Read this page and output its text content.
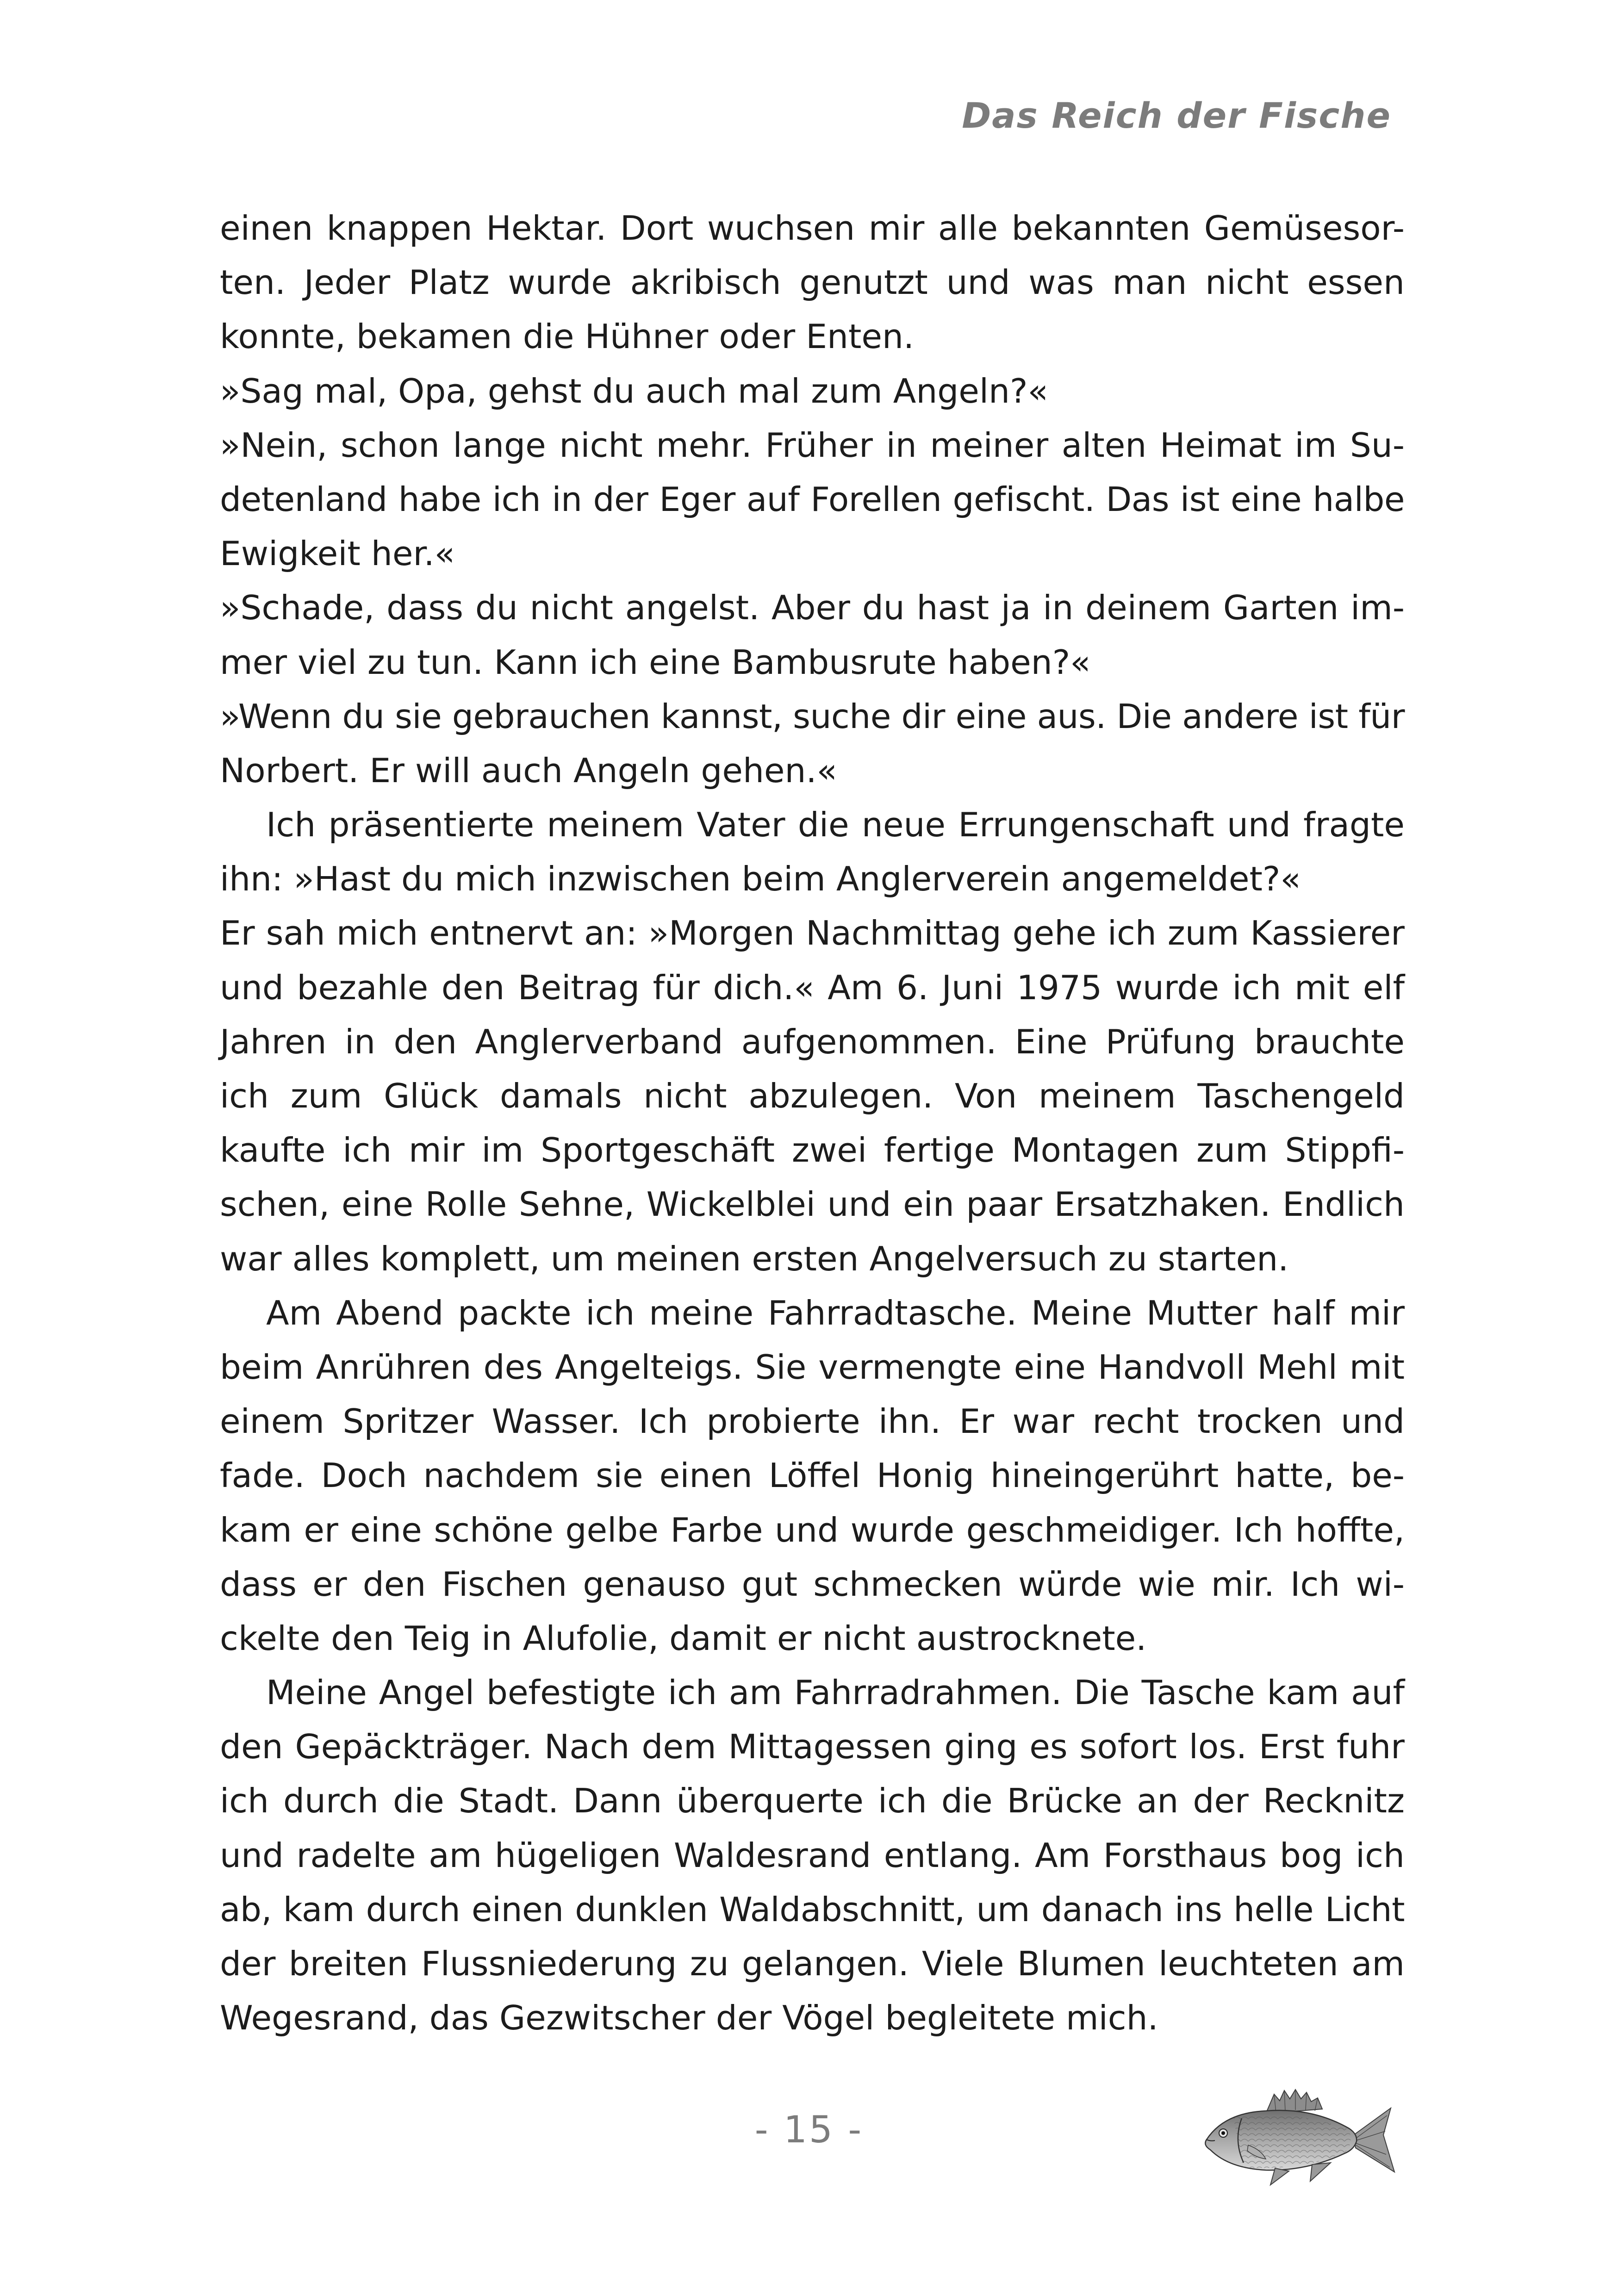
Das Reich der Fische
einen knappen Hektar. Dort wuchsen mir alle bekannten Gemüsesor-
ten. Jeder Platz wurde akribisch genutzt und was man nicht essen
konnte, bekamen die Hühner oder Enten.
»Sag mal, Opa, gehst du auch mal zum Angeln?«
»Nein, schon lange nicht mehr. Früher in meiner alten Heimat im Su-
detenland habe ich in der Eger auf Forellen gefischt. Das ist eine halbe
Ewigkeit her.«
»Schade, dass du nicht angelst. Aber du hast ja in deinem Garten im-
mer viel zu tun. Kann ich eine Bambusrute haben?«
»Wenn du sie gebrauchen kannst, suche dir eine aus. Die andere ist für
Norbert. Er will auch Angeln gehen.«
Ich präsentierte meinem Vater die neue Errungenschaft und fragte
ihn: »Hast du mich inzwischen beim Anglerverein angemeldet?«
Er sah mich entnervt an: »Morgen Nachmittag gehe ich zum Kassierer
und bezahle den Beitrag für dich.« Am 6. Juni 1975 wurde ich mit elf
Jahren in den Anglerverband aufgenommen. Eine Prüfung brauchte
ich zum Glück damals nicht abzulegen. Von meinem Taschengeld
kaufte ich mir im Sportgeschäft zwei fertige Montagen zum Stippfi-
schen, eine Rolle Sehne, Wickelblei und ein paar Ersatzhaken. Endlich
war alles komplett, um meinen ersten Angelversuch zu starten.
Am Abend packte ich meine Fahrradtasche. Meine Mutter half mir
beim Anrühren des Angelteigs. Sie vermengte eine Handvoll Mehl mit
einem Spritzer Wasser. Ich probierte ihn. Er war recht trocken und
fade. Doch nachdem sie einen Löffel Honig hineingerührt hatte, be-
kam er eine schöne gelbe Farbe und wurde geschmeidiger. Ich hoffte,
dass er den Fischen genauso gut schmecken würde wie mir. Ich wi-
ckelte den Teig in Alufolie, damit er nicht austrocknete.
Meine Angel befestigte ich am Fahrradrahmen. Die Tasche kam auf
den Gepäckträger. Nach dem Mittagessen ging es sofort los. Erst fuhr
ich durch die Stadt. Dann überquerte ich die Brücke an der Recknitz
und radelte am hügeligen Waldesrand entlang. Am Forsthaus bog ich
ab, kam durch einen dunklen Waldabschnitt, um danach ins helle Licht
der breiten Flussniederung zu gelangen. Viele Blumen leuchteten am
Wegesrand, das Gezwitscher der Vögel begleitete mich.
- 15 -
